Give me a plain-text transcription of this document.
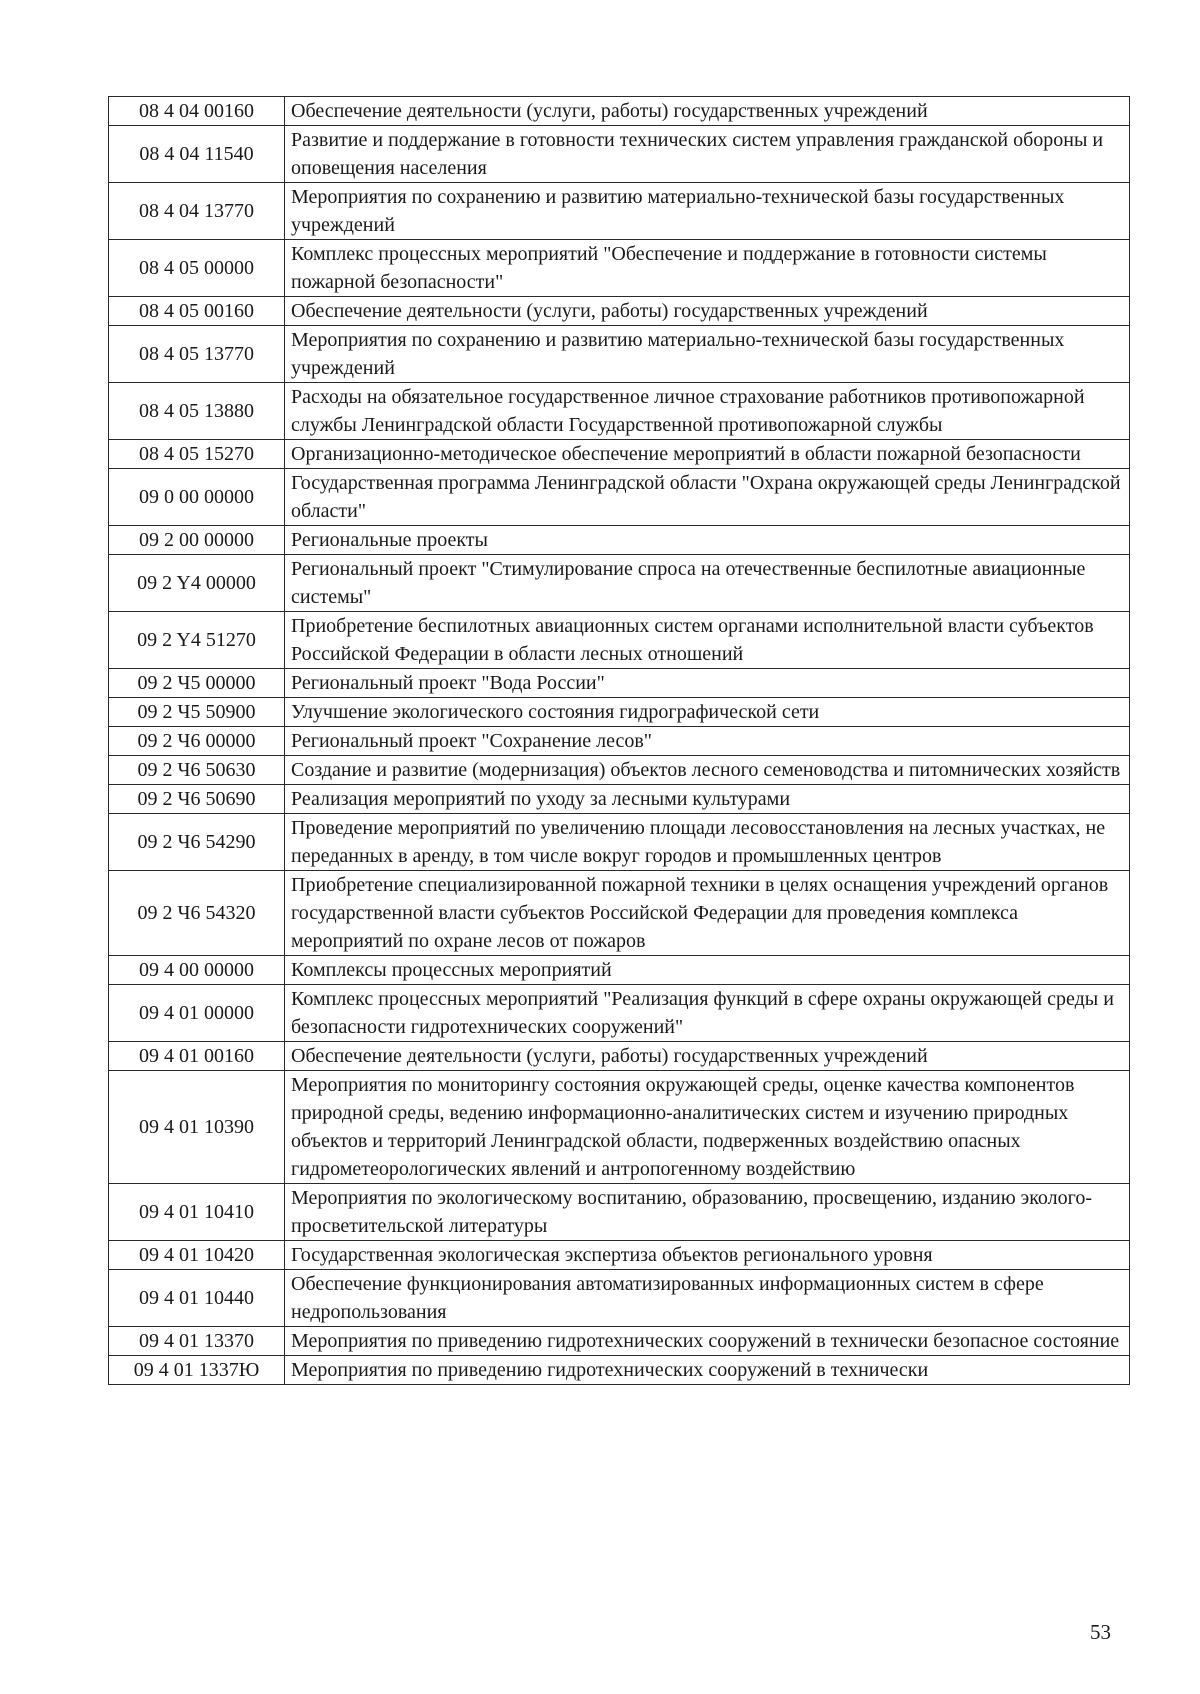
08 4 04 00160	Обеспечение деятельности (услуги, работы) государственных учреждений
08 4 04 11540	Развитие и поддержание в готовности технических систем управления гражданской обороны и оповещения населения
08 4 04 13770	Мероприятия по сохранению и развитию материально-технической базы государственных учреждений
08 4 05 00000	Комплекс процессных мероприятий "Обеспечение и поддержание в готовности системы пожарной безопасности"
08 4 05 00160	Обеспечение деятельности (услуги, работы) государственных учреждений
08 4 05 13770	Мероприятия по сохранению и развитию материально-технической базы государственных учреждений
08 4 05 13880	Расходы на обязательное государственное личное страхование работников противопожарной службы Ленинградской области Государственной противопожарной службы
08 4 05 15270	Организационно-методическое обеспечение мероприятий в области пожарной безопасности
09 0 00 00000	Государственная программа Ленинградской области "Охрана окружающей среды Ленинградской области"
09 2 00 00000	Региональные проекты
09 2 Y4 00000	Региональный проект "Стимулирование спроса на отечественные беспилотные авиационные системы"
09 2 Y4 51270	Приобретение беспилотных авиационных систем органами исполнительной власти субъектов Российской Федерации в области лесных отношений
09 2 Ч5 00000	Региональный проект "Вода России"
09 2 Ч5 50900	Улучшение экологического состояния гидрографической сети
09 2 Ч6 00000	Региональный проект "Сохранение лесов"
09 2 Ч6 50630	Создание и развитие (модернизация) объектов лесного семеноводства и питомнических хозяйств
09 2 Ч6 50690	Реализация мероприятий по уходу за лесными культурами
09 2 Ч6 54290	Проведение мероприятий по увеличению площади лесовосстановления на лесных участках, не переданных в аренду, в том числе вокруг городов и промышленных центров
09 2 Ч6 54320	Приобретение специализированной пожарной техники в целях оснащения учреждений органов государственной власти субъектов Российской Федерации для проведения комплекса мероприятий по охране лесов от пожаров
09 4 00 00000	Комплексы процессных мероприятий
09 4 01 00000	Комплекс процессных мероприятий "Реализация функций в сфере охраны окружающей среды и безопасности гидротехнических сооружений"
09 4 01 00160	Обеспечение деятельности (услуги, работы) государственных учреждений
09 4 01 10390	Мероприятия по мониторингу состояния окружающей среды, оценке качества компонентов природной среды, ведению информационно-аналитических систем и изучению природных объектов и территорий Ленинградской области, подверженных воздействию опасных гидрометеорологических явлений и антропогенному воздействию
09 4 01 10410	Мероприятия по экологическому воспитанию, образованию, просвещению, изданию эколого-просветительской литературы
09 4 01 10420	Государственная экологическая экспертиза объектов регионального уровня
09 4 01 10440	Обеспечение функционирования автоматизированных информационных систем в сфере недропользования
09 4 01 13370	Мероприятия по приведению гидротехнических сооружений в технически безопасное состояние
09 4 01 1337Ю	Мероприятия по приведению гидротехнических сооружений в технически
53
